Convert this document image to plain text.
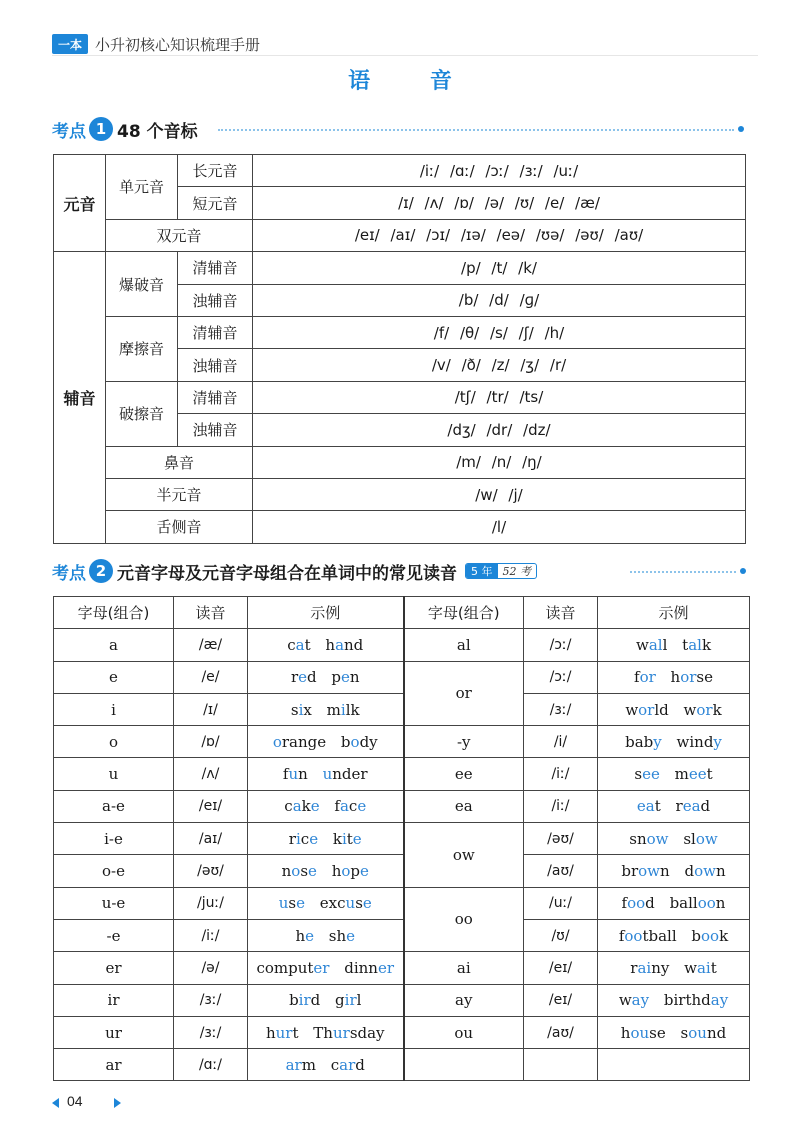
一本 小升初核心知识梳理手册
语 音
考点 1 48 个音标
元音	单元音	长元音	/iː/ /ɑː/ /ɔː/ /ɜː/ /uː/
		短元音	/ɪ/ /ʌ/ /ɒ/ /ə/ /ʊ/ /e/ /æ/
	双元音		/eɪ/ /aɪ/ /ɔɪ/ /ɪə/ /eə/ /ʊə/ /əʊ/ /aʊ/
辅音	爆破音	清辅音	/p/ /t/ /k/
		浊辅音	/b/ /d/ /ɡ/
	摩擦音	清辅音	/f/ /θ/ /s/ /ʃ/ /h/
		浊辅音	/v/ /ð/ /z/ /ʒ/ /r/
	破擦音	清辅音	/tʃ/ /tr/ /ts/
		浊辅音	/dʒ/ /dr/ /dz/
	鼻音		/m/ /n/ /ŋ/
	半元音		/w/ /j/
	舌侧音		/l/
考点 2 元音字母及元音字母组合在单词中的常见读音	5 年 52 考
字母(组合)	读音	示例	字母(组合)	读音	示例
a	/æ/	cat hand	al	/ɔː/	wall talk
e	/e/	red pen	or	/ɔː/	for horse
i	/ɪ/	six milk		/ɜː/	world work
o	/ɒ/	orange body	-y	/i/	baby windy
u	/ʌ/	fun under	ee	/iː/	see meet
a-e	/eɪ/	cake face	ea	/iː/	eat read
i-e	/aɪ/	rice kite	ow	/əʊ/	snow slow
o-e	/əʊ/	nose hope		/aʊ/	brown down
u-e	/juː/	use excuse	oo	/uː/	food balloon
-e	/iː/	he she		/ʊ/	football book
er	/ə/	computer dinner	ai	/eɪ/	rainy wait
ir	/ɜː/	bird girl	ay	/eɪ/	way birthday
ur	/ɜː/	hurt Thursday	ou	/aʊ/	house sound
ar	/ɑː/	arm card			
04
